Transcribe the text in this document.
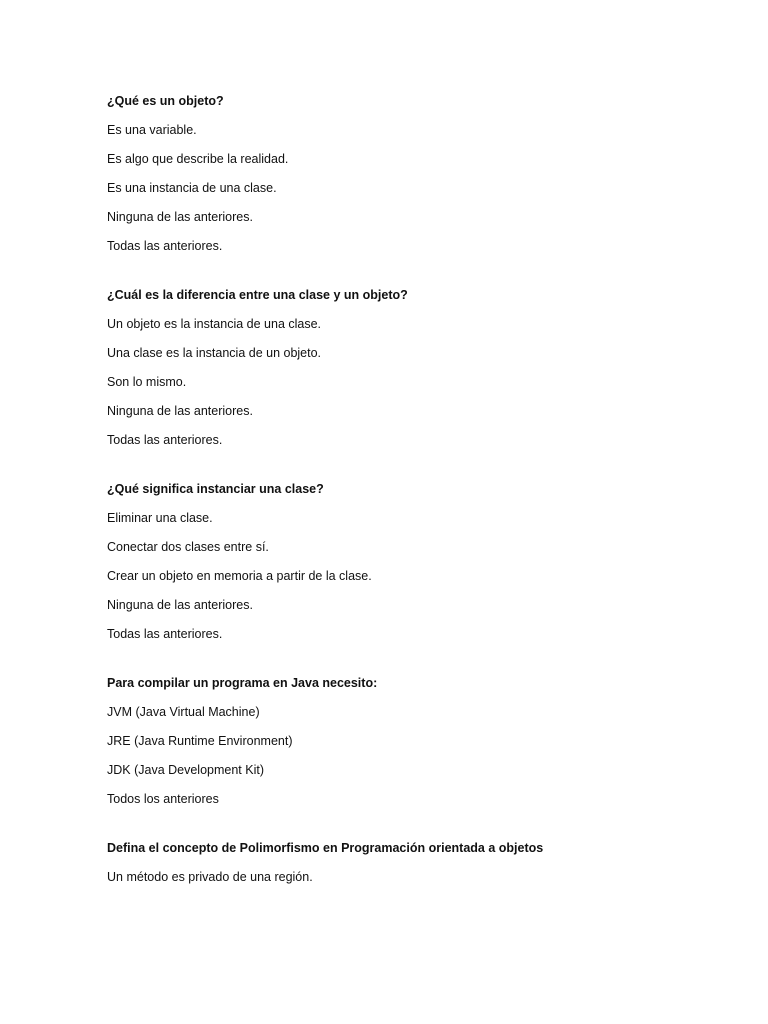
¿Qué es un objeto?
Es una variable.
Es algo que describe la realidad.
Es una instancia de una clase.
Ninguna de las anteriores.
Todas las anteriores.
¿Cuál es la diferencia entre una clase y un objeto?
Un objeto es la instancia de una clase.
Una clase es la instancia de un objeto.
Son lo mismo.
Ninguna de las anteriores.
Todas las anteriores.
¿Qué significa instanciar una clase?
Eliminar una clase.
Conectar dos clases entre sí.
Crear un objeto en memoria a partir de la clase.
Ninguna de las anteriores.
Todas las anteriores.
Para compilar un programa en Java necesito:
JVM (Java Virtual Machine)
JRE (Java Runtime Environment)
JDK (Java Development Kit)
Todos los anteriores
Defina el concepto de Polimorfismo en Programación orientada a objetos
Un método es privado de una región.
